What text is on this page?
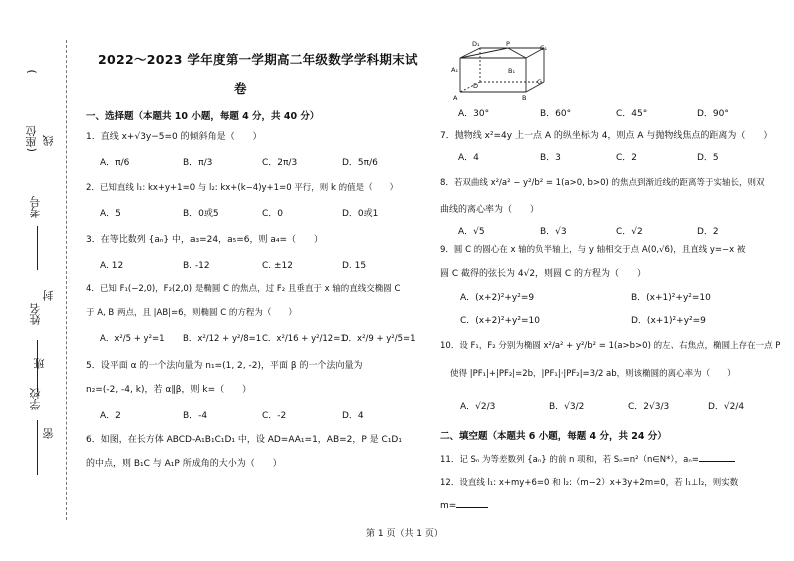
(座位)
线
考号
姓名
封
班
学校
密
2022～2023 学年度第一学期高二年级数学学科期末试
卷
一、选择题（本题共 10 小题，每题 4 分，共 40 分）
1．直线 x+√3y−5=0 的倾斜角是（　　）
A．π/6	B．π/3	C．2π/3	D．5π/6
2．已知直线 l₁: kx+y+1=0 与 l₂: kx+(k−4)y+1=0 平行，则 k 的值是（　　）
A．5	B．0或5	C．0	D．0或1
3．在等比数列 {aₙ} 中，a₃=24，a₅=6，则 a₄=（　　）
A. 12	B. -12	C. ±12	D. 15
4．已知 F₁(−2,0)，F₂(2,0) 是椭圆 C 的焦点，过 F₂ 且垂直于 x 轴的直线交椭圆 C
于 A, B 两点，且 |AB|=6，则椭圆 C 的方程为（　　）
A．x²/5 + y²=1 B．x²/12 + y²/8=1 C．x²/16 + y²/12=1
D．x²/9 + y²/5=1
5．设平面 α 的一个法向量为 n₁=(1, 2, -2)，平面 β 的一个法向量为
n₂=(-2, -4, k)，若 α∥β，则 k=（　　）
A．2	B．-4	C．-2	D．4
6．如图，在长方体 ABCD-A₁B₁C₁D₁ 中，设 AD=AA₁=1，AB=2，P 是 C₁D₁
的中点，则 B₁C 与 A₁P 所成角的大小为（　　）
第 1 页（共 1 页）
D₁	P	C₁
A₁	B₁
D	C
A	B
A．30°	B．60°	C．45°	D．90°
7．抛物线 x²=4y 上一点 A 的纵坐标为 4，则点 A 与抛物线焦点的距离为（　　）
A．4	B．3	C．2	D．5
8．若双曲线 x²/a² − y²/b² = 1(a>0, b>0) 的焦点到渐近线的距离等于实轴长，则双
曲线的离心率为（　　）
A．√5	B．√3	C．√2	D．2
9．圆 C 的圆心在 x 轴的负半轴上，与 y 轴相交于点 A(0,√6)，且直线 y=−x 被
圆 C 截得的弦长为 4√2，则圆 C 的方程为（　　）
A．(x+2)²+y²=9	B．(x+1)²+y²=10
C．(x+2)²+y²=10	D．(x+1)²+y²=9
10．设 F₁，F₂ 分别为椭圆 x²/a² + y²/b² = 1(a>b>0) 的左、右焦点，椭圆上存在一点 P
使得 |PF₁|+|PF₂|=2b，|PF₁|·|PF₂|=3/2 ab，则该椭圆的离心率为（　　）
A．√2/3	B．√3/2	C．2√3/3	D．√2/4
二、填空题（本题共 6 小题，每题 4 分，共 24 分）
11．记 Sₙ 为等差数列 {aₙ} 的前 n 项和，若 Sₙ=n²（n∈N*），aₙ=
12．设直线 l₁: x+my+6=0 和 l₂:（m−2）x+3y+2m=0，若 l₁⊥l₂，则实数
m=
